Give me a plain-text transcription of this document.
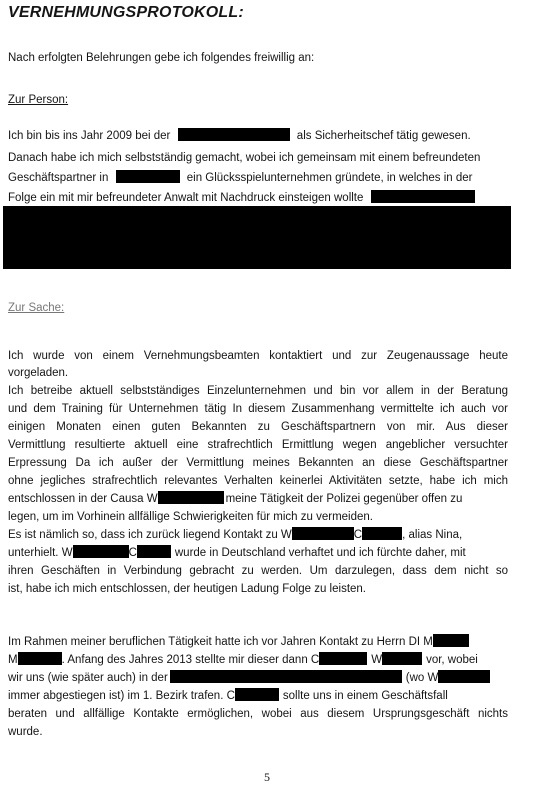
VERNEHMUNGSPROTOKOLL:
Nach erfolgten Belehrungen gebe ich folgendes freiwillig an:
Zur Person:
Ich bin bis ins Jahr 2009 bei der	als Sicherheitschef tätig gewesen.
Danach habe ich mich selbstständig gemacht, wobei ich gemeinsam mit einem befreundeten
Geschäftspartner in	ein Glücksspielunternehmen gründete, in welches in der
Folge ein mit mir befreundeter Anwalt mit Nachdruck einsteigen wollte
Zur Sache:
Ich wurde von einem Vernehmungsbeamten kontaktiert und zur Zeugenaussage heute
vorgeladen.
Ich betreibe aktuell selbstständiges Einzelunternehmen und bin vor allem in der Beratung
und dem Training für Unternehmen tätig In diesem Zusammenhang vermittelte ich auch vor
einigen Monaten einen guten Bekannten zu Geschäftspartnern von mir. Aus dieser
Vermittlung resultierte aktuell eine strafrechtlich Ermittlung wegen angeblicher versuchter
Erpressung Da ich außer der Vermittlung meines Bekannten an diese Geschäftspartner
ohne jegliches strafrechtlich relevantes Verhalten keinerlei Aktivitäten setzte, habe ich mich
entschlossen in der Causa W	meine Tätigkeit der Polizei gegenüber offen zu
legen, um im Vorhinein allfällige Schwierigkeiten für mich zu vermeiden.
Es ist nämlich so, dass ich zurück liegend Kontakt zu W	C	, alias Nina,
unterhielt. W	C	wurde in Deutschland verhaftet und ich fürchte daher, mit
ihren Geschäften in Verbindung gebracht zu werden. Um darzulegen, dass dem nicht so
ist, habe ich mich entschlossen, der heutigen Ladung Folge zu leisten.
Im Rahmen meiner beruflichen Tätigkeit hatte ich vor Jahren Kontakt zu Herrn DI M
M	. Anfang des Jahres 2013 stellte mir dieser dann C	W	vor, wobei
wir uns (wie später auch) in der	(wo W
immer abgestiegen ist) im 1. Bezirk trafen. C	sollte uns in einem Geschäftsfall
beraten und allfällige Kontakte ermöglichen, wobei aus diesem Ursprungsgeschäft nichts
wurde.
5
